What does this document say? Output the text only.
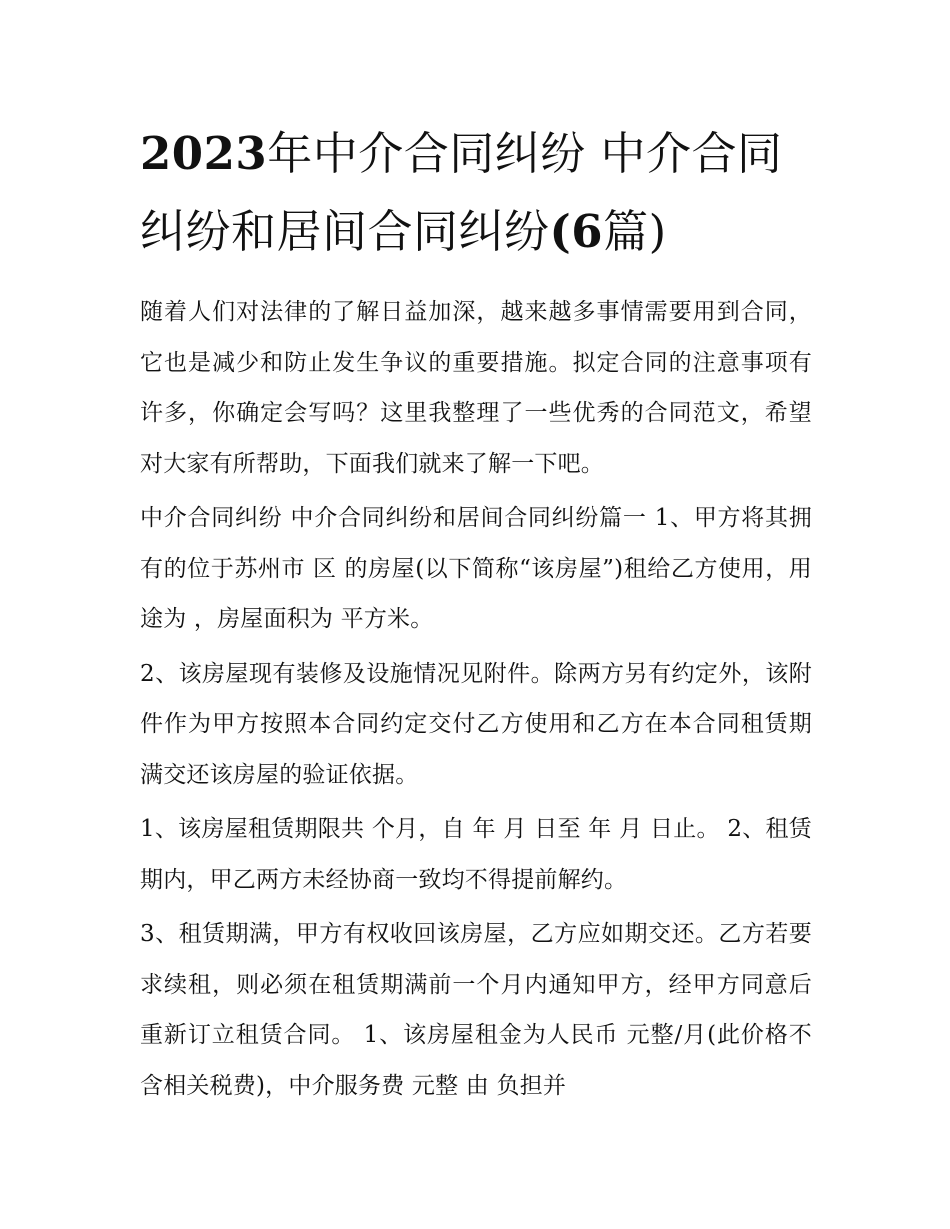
2023年中介合同纠纷 中介合同纠纷和居间合同纠纷(6篇)

随着人们对法律的了解日益加深，越来越多事情需要用到合同，它也是减少和防止发生争议的重要措施。拟定合同的注意事项有许多，你确定会写吗？这里我整理了一些优秀的合同范文，希望对大家有所帮助，下面我们就来了解一下吧。

中介合同纠纷 中介合同纠纷和居间合同纠纷篇一 1、甲方将其拥有的位于苏州市 区 的房屋(以下简称“该房屋”)租给乙方使用，用途为 ，房屋面积为 平方米。

2、该房屋现有装修及设施情况见附件。除两方另有约定外，该附件作为甲方按照本合同约定交付乙方使用和乙方在本合同租赁期满交还该房屋的验证依据。

1、该房屋租赁期限共 个月，自 年 月 日至 年 月 日止。 2、租赁期内，甲乙两方未经协商一致均不得提前解约。

3、租赁期满，甲方有权收回该房屋，乙方应如期交还。乙方若要求续租，则必须在租赁期满前一个月内通知甲方，经甲方同意后重新订立租赁合同。 1、该房屋租金为人民币 元整/月(此价格不含相关税费)，中介服务费 元整 由 负担并
